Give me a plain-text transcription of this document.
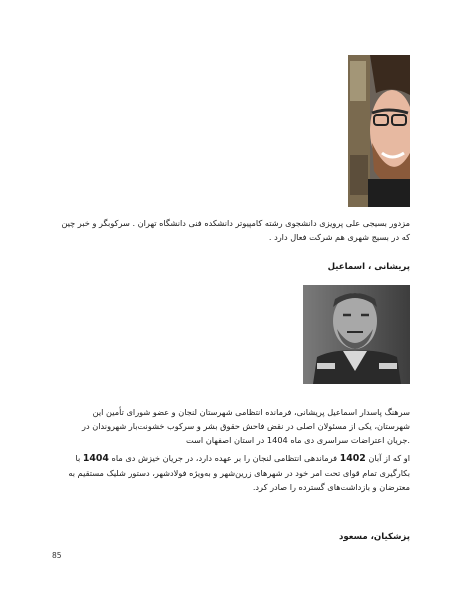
مزدور بسیجی علی پرویزی دانشجوی رشته کامپیوتر دانشکده فنی دانشگاه تهران . سرکوبگر و خبر چین که در بسیج شهری هم شرکت فعال دارد .

پریشانی ، اسماعیل

سرهنگ پاسدار اسماعیل پریشانی، فرمانده انتظامی شهرستان لنجان و عضو شورای تأمین این شهرستان، یکی از مسئولان اصلی در نقض فاحش حقوق بشر و سرکوب خشونت‌بار شهروندان در .جریان اعتراضات سراسری دی ماه 1404 در استان اصفهان است

او که از آبان 1402 فرماندهی انتظامی لنجان را بر عهده دارد، در جریان خیزش دی ماه 1404 با بکارگیری تمام قوای تحت امر خود در شهرهای زرین‌شهر و به‌ویژه فولادشهر، دستور شلیک مستقیم به معترضان و بازداشت‌های گسترده را صادر کرد.

پزشکیان، مسعود

85
